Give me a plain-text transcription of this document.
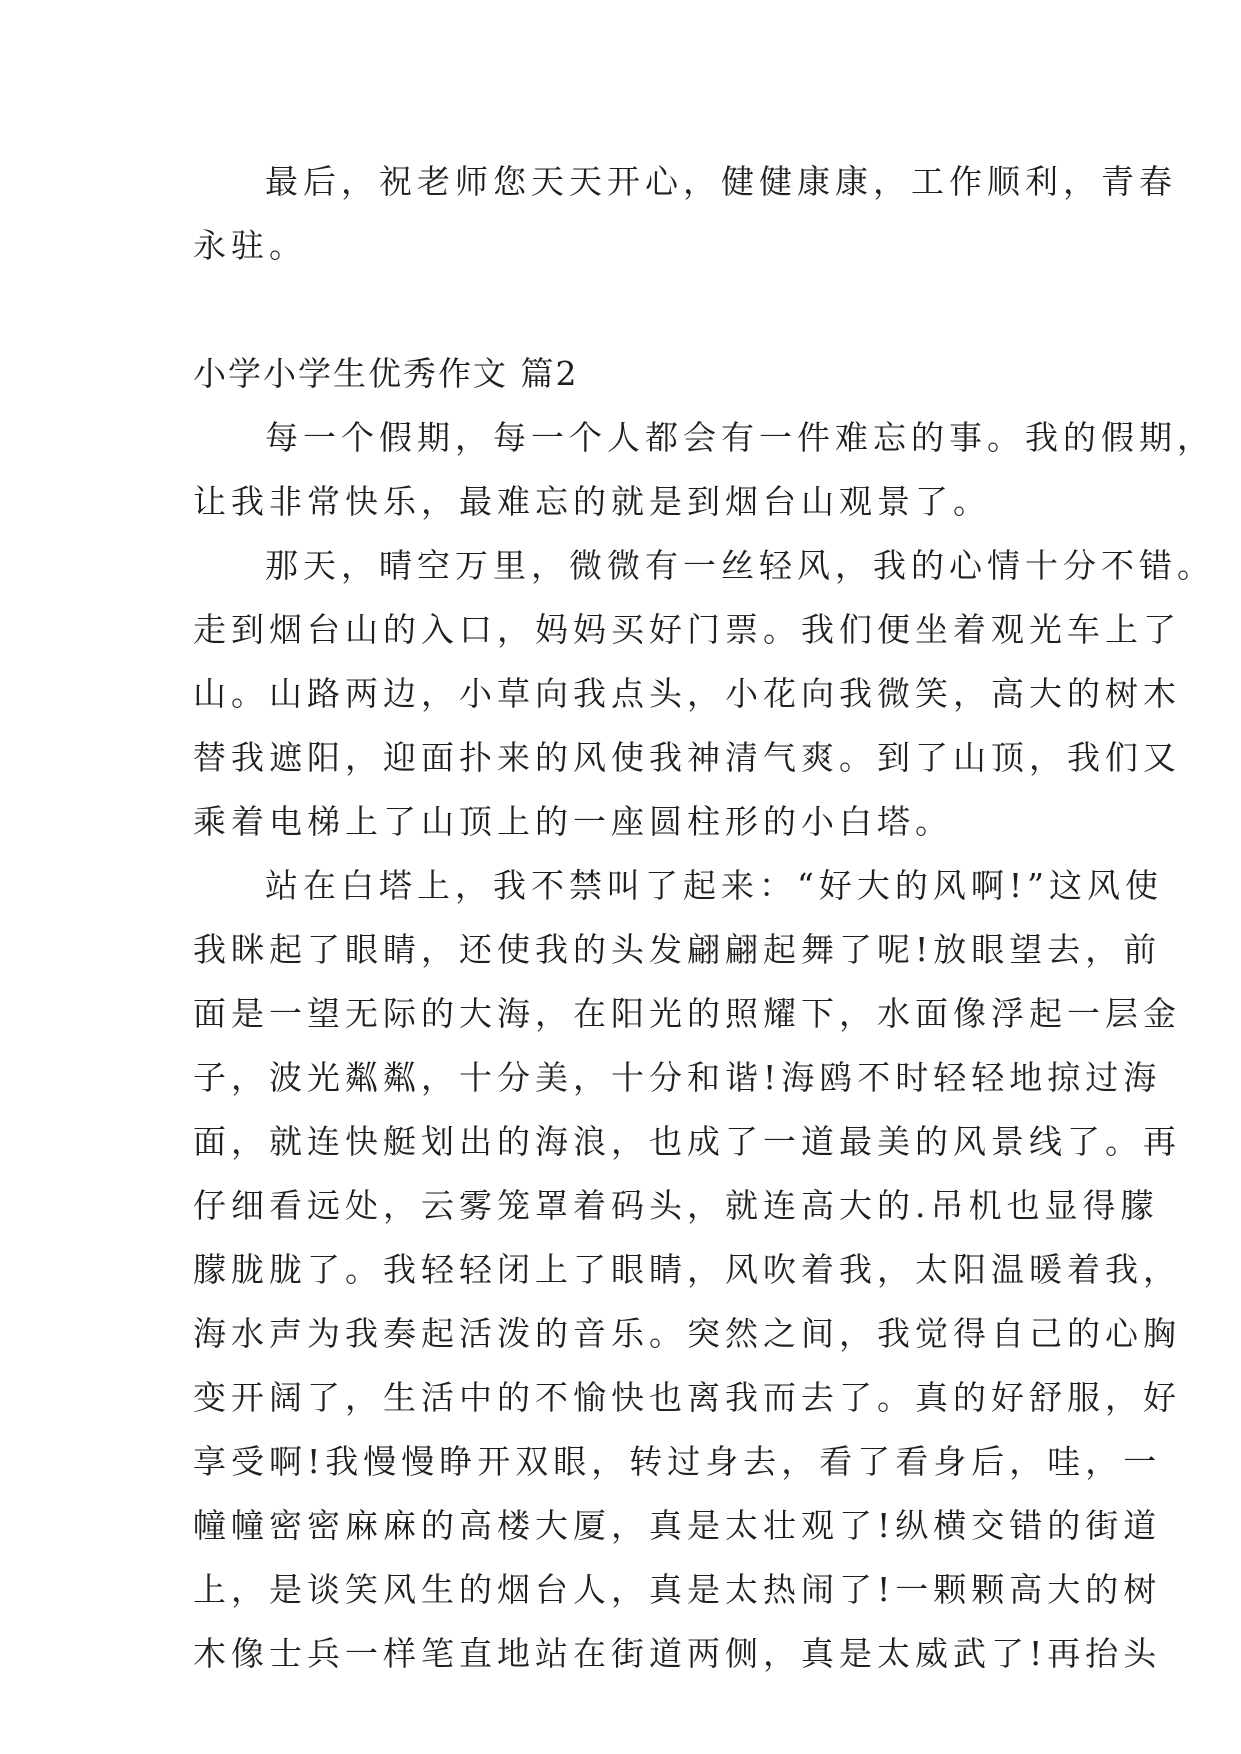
最后，祝老师您天天开心，健健康康，工作顺利，青春
永驻。
小学小学生优秀作文 篇2
每一个假期，每一个人都会有一件难忘的事。我的假期，
让我非常快乐，最难忘的就是到烟台山观景了。
那天，晴空万里，微微有一丝轻风，我的心情十分不错。
走到烟台山的入口，妈妈买好门票。我们便坐着观光车上了
山。山路两边，小草向我点头，小花向我微笑，高大的树木
替我遮阳，迎面扑来的风使我神清气爽。到了山顶，我们又
乘着电梯上了山顶上的一座圆柱形的小白塔。
站在白塔上，我不禁叫了起来：“好大的风啊!”这风使
我眯起了眼睛，还使我的头发翩翩起舞了呢!放眼望去，前
面是一望无际的大海，在阳光的照耀下，水面像浮起一层金
子，波光粼粼，十分美，十分和谐!海鸥不时轻轻地掠过海
面，就连快艇划出的海浪，也成了一道最美的风景线了。再
仔细看远处，云雾笼罩着码头，就连高大的.吊机也显得朦
朦胧胧了。我轻轻闭上了眼睛，风吹着我，太阳温暖着我，
海水声为我奏起活泼的音乐。突然之间，我觉得自己的心胸
变开阔了，生活中的不愉快也离我而去了。真的好舒服，好
享受啊!我慢慢睁开双眼，转过身去，看了看身后，哇，一
幢幢密密麻麻的高楼大厦，真是太壮观了!纵横交错的街道
上，是谈笑风生的烟台人，真是太热闹了!一颗颗高大的树
木像士兵一样笔直地站在街道两侧，真是太威武了!再抬头
